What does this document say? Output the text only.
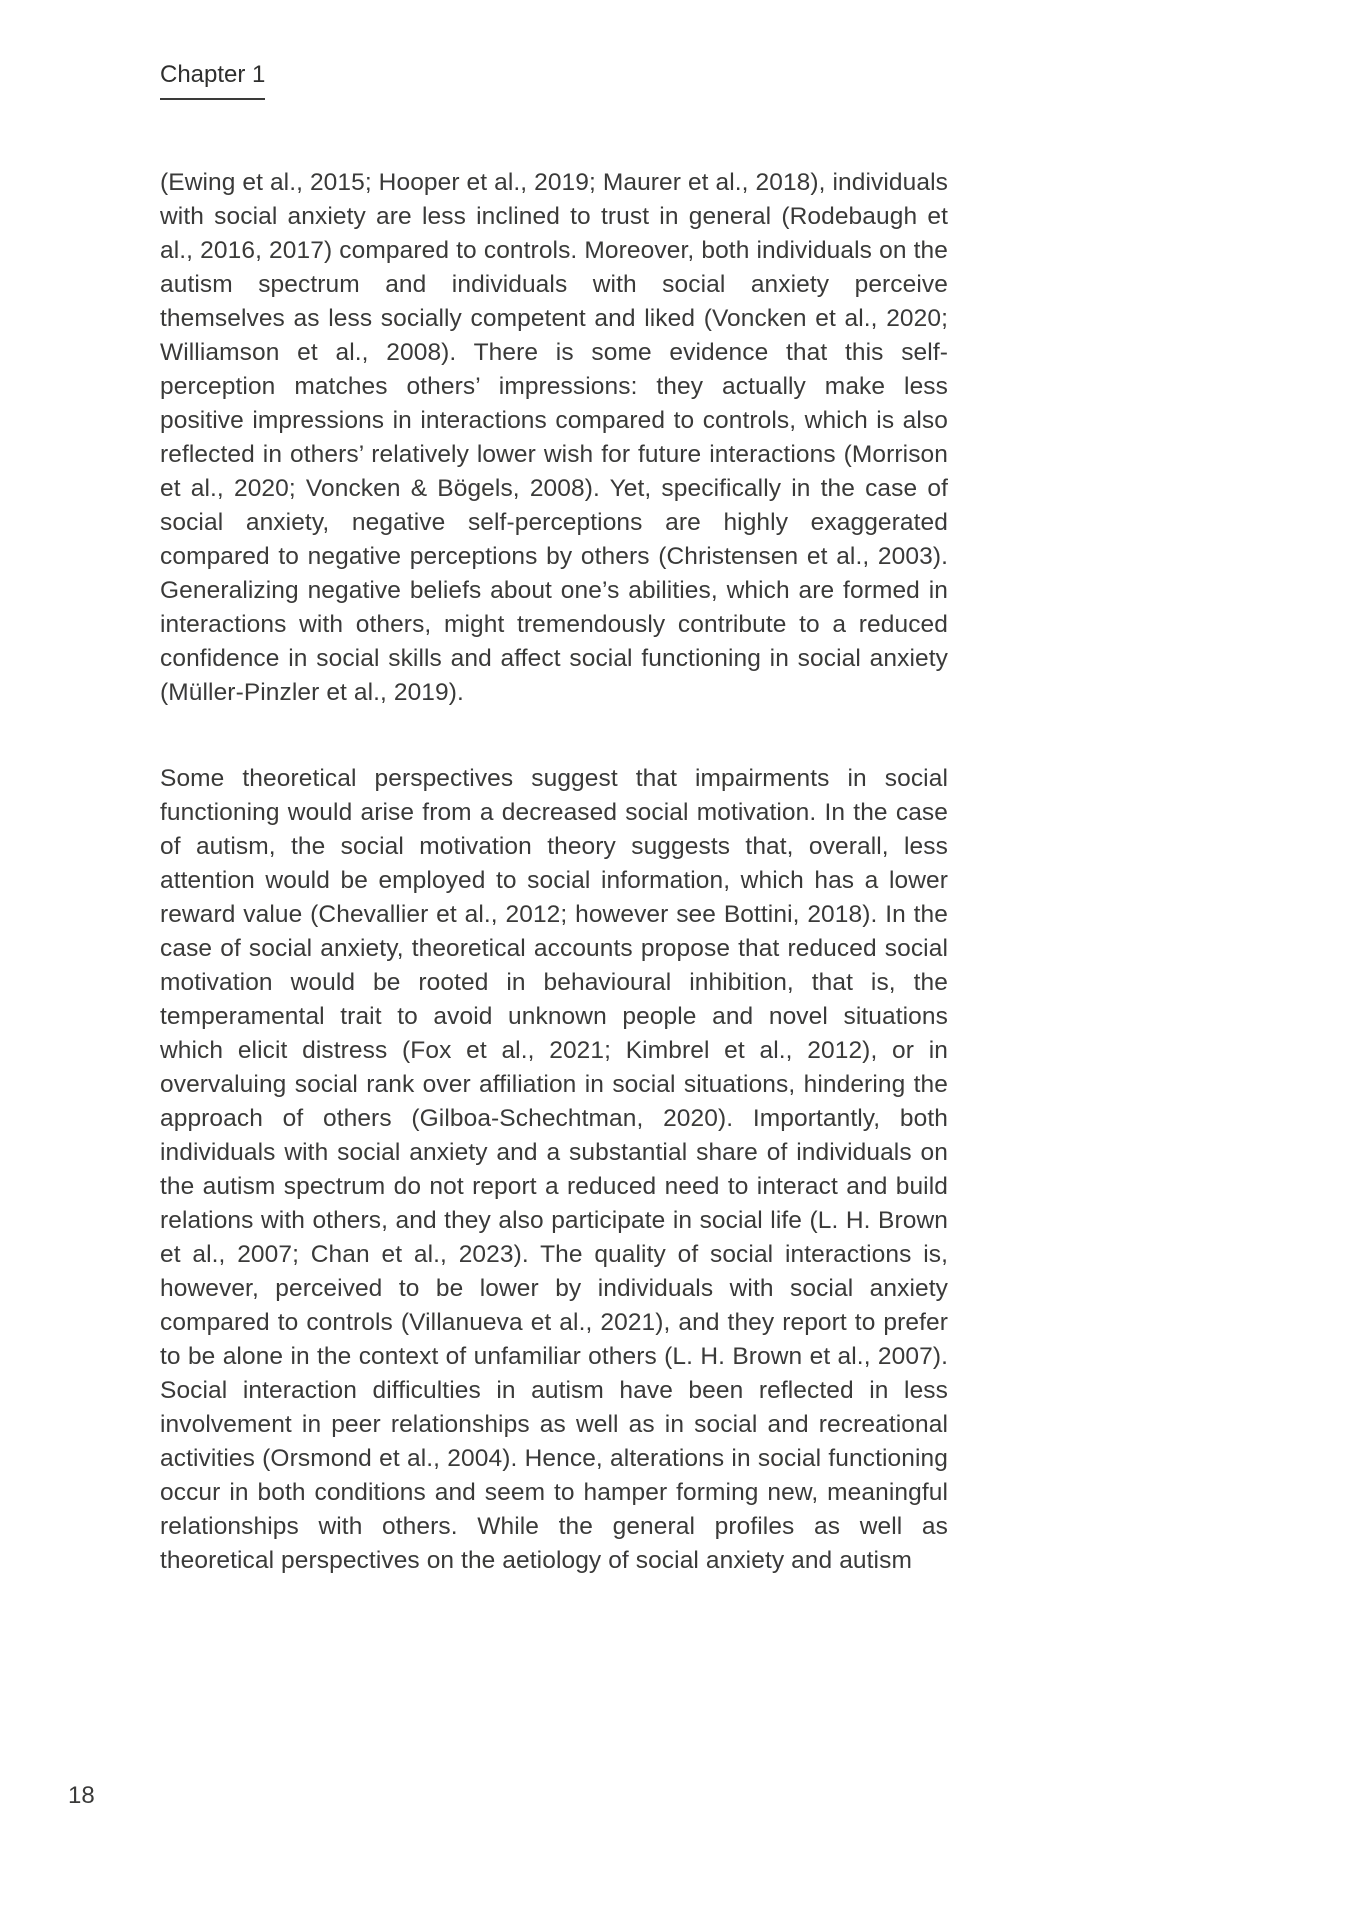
Chapter 1

(Ewing et al., 2015; Hooper et al., 2019; Maurer et al., 2018), individuals with social anxiety are less inclined to trust in general (Rodebaugh et al., 2016, 2017) compared to controls. Moreover, both individuals on the autism spectrum and individuals with social anxiety perceive themselves as less socially competent and liked (Voncken et al., 2020; Williamson et al., 2008). There is some evidence that this self-perception matches others’ impressions: they actually make less positive impressions in interactions compared to controls, which is also reflected in others’ relatively lower wish for future interactions (Morrison et al., 2020; Voncken & Bögels, 2008). Yet, specifically in the case of social anxiety, negative self-perceptions are highly exaggerated compared to negative perceptions by others (Christensen et al., 2003). Generalizing negative beliefs about one’s abilities, which are formed in interactions with others, might tremendously contribute to a reduced confidence in social skills and affect social functioning in social anxiety (Müller-Pinzler et al., 2019).

Some theoretical perspectives suggest that impairments in social functioning would arise from a decreased social motivation. In the case of autism, the social motivation theory suggests that, overall, less attention would be employed to social information, which has a lower reward value (Chevallier et al., 2012; however see Bottini, 2018). In the case of social anxiety, theoretical accounts propose that reduced social motivation would be rooted in behavioural inhibition, that is, the temperamental trait to avoid unknown people and novel situations which elicit distress (Fox et al., 2021; Kimbrel et al., 2012), or in overvaluing social rank over affiliation in social situations, hindering the approach of others (Gilboa-Schechtman, 2020). Importantly, both individuals with social anxiety and a substantial share of individuals on the autism spectrum do not report a reduced need to interact and build relations with others, and they also participate in social life (L. H. Brown et al., 2007; Chan et al., 2023). The quality of social interactions is, however, perceived to be lower by individuals with social anxiety compared to controls (Villanueva et al., 2021), and they report to prefer to be alone in the context of unfamiliar others (L. H. Brown et al., 2007). Social interaction difficulties in autism have been reflected in less involvement in peer relationships as well as in social and recreational activities (Orsmond et al., 2004). Hence, alterations in social functioning occur in both conditions and seem to hamper forming new, meaningful relationships with others. While the general profiles as well as theoretical perspectives on the aetiology of social anxiety and autism

18
